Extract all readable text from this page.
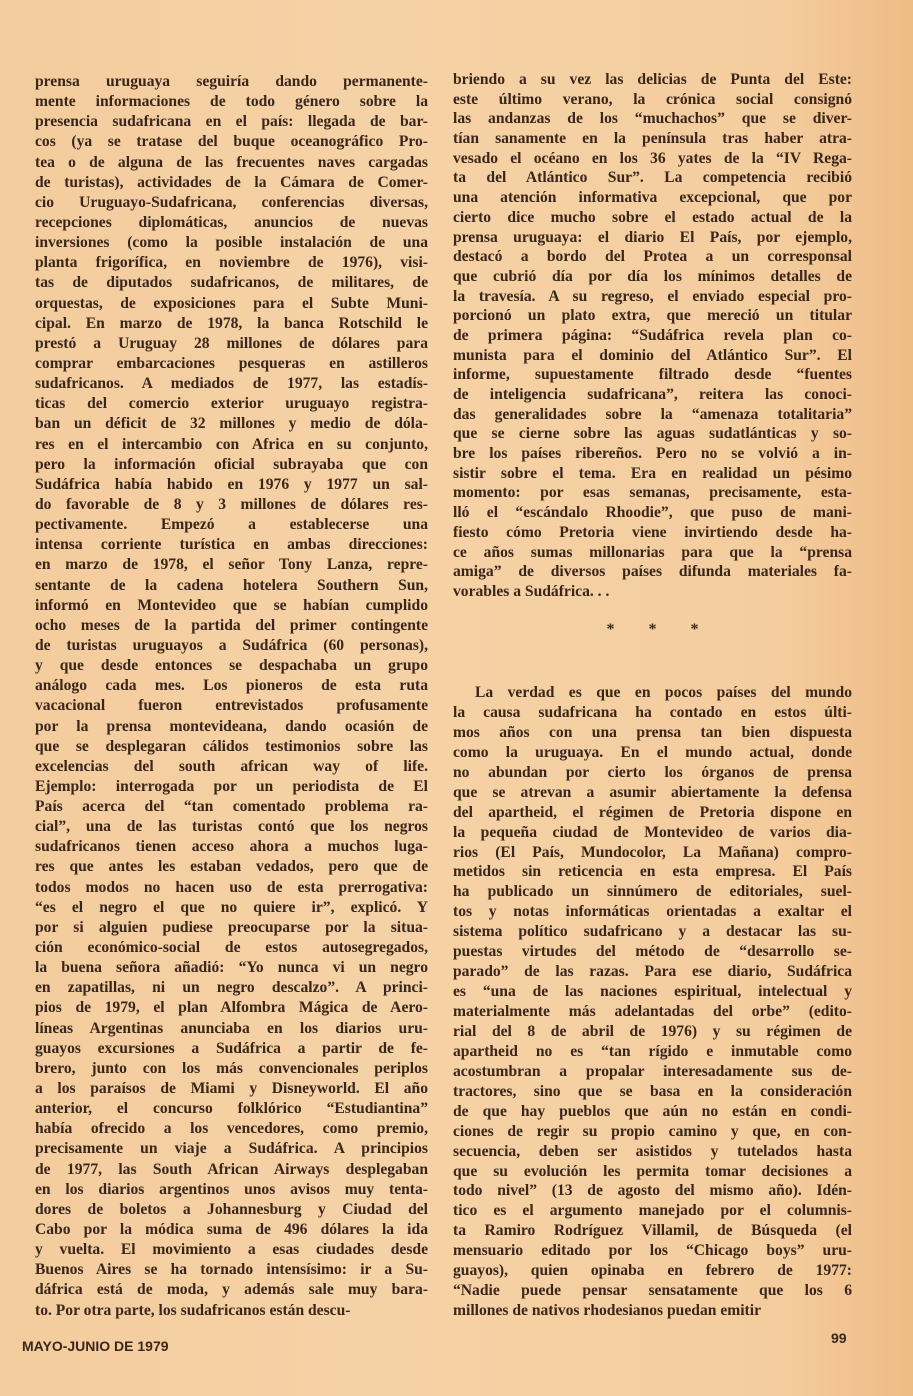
prensa uruguaya seguiría dando permanente-
mente informaciones de todo género sobre la
presencia sudafricana en el país: llegada de bar-
cos (ya se tratase del buque oceanográfico Pro-
tea o de alguna de las frecuentes naves cargadas
de turistas), actividades de la Cámara de Comer-
cio Uruguayo-Sudafricana, conferencias diversas,
recepciones diplomáticas, anuncios de nuevas
inversiones (como la posible instalación de una
planta frigorífica, en noviembre de 1976), visi-
tas de diputados sudafricanos, de militares, de
orquestas, de exposiciones para el Subte Muni-
cipal. En marzo de 1978, la banca Rotschild le
prestó a Uruguay 28 millones de dólares para
comprar embarcaciones pesqueras en astilleros
sudafricanos. A mediados de 1977, las estadís-
ticas del comercio exterior uruguayo registra-
ban un déficit de 32 millones y medio de dóla-
res en el intercambio con Africa en su conjunto,
pero la información oficial subrayaba que con
Sudáfrica había habido en 1976 y 1977 un sal-
do favorable de 8 y 3 millones de dólares res-
pectivamente. Empezó a establecerse una
intensa corriente turística en ambas direcciones:
en marzo de 1978, el señor Tony Lanza, repre-
sentante de la cadena hotelera Southern Sun,
informó en Montevideo que se habían cumplido
ocho meses de la partida del primer contingente
de turistas uruguayos a Sudáfrica (60 personas),
y que desde entonces se despachaba un grupo
análogo cada mes. Los pioneros de esta ruta
vacacional fueron entrevistados profusamente
por la prensa montevideana, dando ocasión de
que se desplegaran cálidos testimonios sobre las
excelencias del south african way of life.
Ejemplo: interrogada por un periodista de El
País acerca del “tan comentado problema ra-
cial”, una de las turistas contó que los negros
sudafricanos tienen acceso ahora a muchos luga-
res que antes les estaban vedados, pero que de
todos modos no hacen uso de esta prerrogativa:
“es el negro el que no quiere ir”, explicó. Y
por si alguien pudiese preocuparse por la situa-
ción económico-social de estos autosegregados,
la buena señora añadió: “Yo nunca vi un negro
en zapatillas, ni un negro descalzo”. A princi-
pios de 1979, el plan Alfombra Mágica de Aero-
líneas Argentinas anunciaba en los diarios uru-
guayos excursiones a Sudáfrica a partir de fe-
brero, junto con los más convencionales periplos
a los paraísos de Miami y Disneyworld. El año
anterior, el concurso folklórico “Estudiantina”
había ofrecido a los vencedores, como premio,
precisamente un viaje a Sudáfrica. A principios
de 1977, las South African Airways desplegaban
en los diarios argentinos unos avisos muy tenta-
dores de boletos a Johannesburg y Ciudad del
Cabo por la módica suma de 496 dólares la ida
y vuelta. El movimiento a esas ciudades desde
Buenos Aires se ha tornado intensísimo: ir a Su-
dáfrica está de moda, y además sale muy bara-
to. Por otra parte, los sudafricanos están descu-
briendo a su vez las delicias de Punta del Este:
este último verano, la crónica social consignó
las andanzas de los “muchachos” que se diver-
tían sanamente en la península tras haber atra-
vesado el océano en los 36 yates de la “IV Rega-
ta del Atlántico Sur”. La competencia recibió
una atención informativa excepcional, que por
cierto dice mucho sobre el estado actual de la
prensa uruguaya: el diario El País, por ejemplo,
destacó a bordo del Protea a un corresponsal
que cubrió día por día los mínimos detalles de
la travesía. A su regreso, el enviado especial pro-
porcionó un plato extra, que mereció un titular
de primera página: “Sudáfrica revela plan co-
munista para el dominio del Atlántico Sur”. El
informe, supuestamente filtrado desde “fuentes
de inteligencia sudafricana”, reitera las conoci-
das generalidades sobre la “amenaza totalitaria”
que se cierne sobre las aguas sudatlánticas y so-
bre los países ribereños. Pero no se volvió a in-
sistir sobre el tema. Era en realidad un pésimo
momento: por esas semanas, precisamente, esta-
lló el “escándalo Rhoodie”, que puso de mani-
fiesto cómo Pretoria viene invirtiendo desde ha-
ce años sumas millonarias para que la “prensa
amiga” de diversos países difunda materiales fa-
vorables a Sudáfrica. . .
* * *
La verdad es que en pocos países del mundo
la causa sudafricana ha contado en estos últi-
mos años con una prensa tan bien dispuesta
como la uruguaya. En el mundo actual, donde
no abundan por cierto los órganos de prensa
que se atrevan a asumir abiertamente la defensa
del apartheid, el régimen de Pretoria dispone en
la pequeña ciudad de Montevideo de varios dia-
rios (El País, Mundocolor, La Mañana) compro-
metidos sin reticencia en esta empresa. El País
ha publicado un sinnúmero de editoriales, suel-
tos y notas informáticas orientadas a exaltar el
sistema político sudafricano y a destacar las su-
puestas virtudes del método de “desarrollo se-
parado” de las razas. Para ese diario, Sudáfrica
es “una de las naciones espiritual, intelectual y
materialmente más adelantadas del orbe” (edito-
rial del 8 de abril de 1976) y su régimen de
apartheid no es “tan rígido e inmutable como
acostumbran a propalar interesadamente sus de-
tractores, sino que se basa en la consideración
de que hay pueblos que aún no están en condi-
ciones de regir su propio camino y que, en con-
secuencia, deben ser asistidos y tutelados hasta
que su evolución les permita tomar decisiones a
todo nivel” (13 de agosto del mismo año). Idén-
tico es el argumento manejado por el columnis-
ta Ramiro Rodríguez Villamil, de Búsqueda (el
mensuario editado por los “Chicago boys” uru-
guayos), quien opinaba en febrero de 1977:
“Nadie puede pensar sensatamente que los 6
millones de nativos rhodesianos puedan emitir
MAYO-JUNIO DE 1979	99
